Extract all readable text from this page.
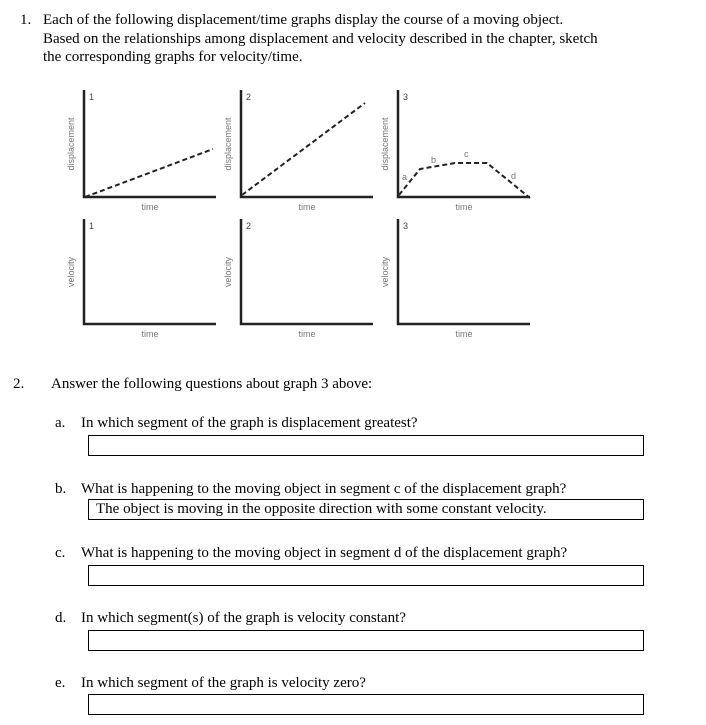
1. Each of the following displacement/time graphs display the course of a moving object.
Based on the relationships among displacement and velocity described in the chapter, sketch
the corresponding graphs for velocity/time.
1
displacement
time
2
displacement
time
3
displacement
time
a
b
c
d
1
velocity
time
2
velocity
time
3
velocity
time
2. Answer the following questions about graph 3 above:
a. In which segment of the graph is displacement greatest?
b. What is happening to the moving object in segment c of the displacement graph?
The object is moving in the opposite direction with some constant velocity.
c. What is happening to the moving object in segment d of the displacement graph?
d. In which segment(s) of the graph is velocity constant?
e. In which segment of the graph is velocity zero?
